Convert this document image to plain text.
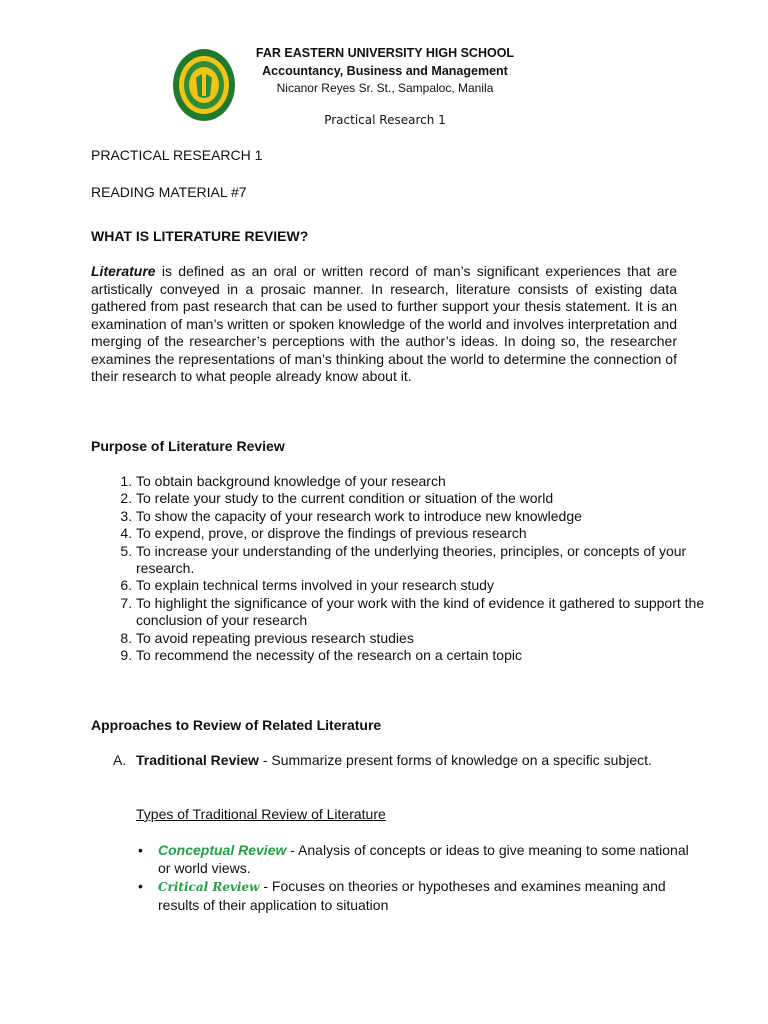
FAR EASTERN UNIVERSITY HIGH SCHOOL
Accountancy, Business and Management
Nicanor Reyes Sr. St., Sampaloc, Manila
Practical Research 1
PRACTICAL RESEARCH 1
READING MATERIAL #7
WHAT IS LITERATURE REVIEW?
Literature is defined as an oral or written record of man’s significant experiences that are artistically conveyed in a prosaic manner. In research, literature consists of existing data gathered from past research that can be used to further support your thesis statement. It is an examination of man’s written or spoken knowledge of the world and involves interpretation and merging of the researcher’s perceptions with the author’s ideas. In doing so, the researcher examines the representations of man’s thinking about the world to determine the connection of their research to what people already know about it.
Purpose of Literature Review
1. To obtain background knowledge of your research
2. To relate your study to the current condition or situation of the world
3. To show the capacity of your research work to introduce new knowledge
4. To expend, prove, or disprove the findings of previous research
5. To increase your understanding of the underlying theories, principles, or concepts of your research.
6. To explain technical terms involved in your research study
7. To highlight the significance of your work with the kind of evidence it gathered to support the conclusion of your research
8. To avoid repeating previous research studies
9. To recommend the necessity of the research on a certain topic
Approaches to Review of Related Literature
A. Traditional Review - Summarize present forms of knowledge on a specific subject.
Types of Traditional Review of Literature
• Conceptual Review - Analysis of concepts or ideas to give meaning to some national or world views.
• Critical Review - Focuses on theories or hypotheses and examines meaning and results of their application to situation
